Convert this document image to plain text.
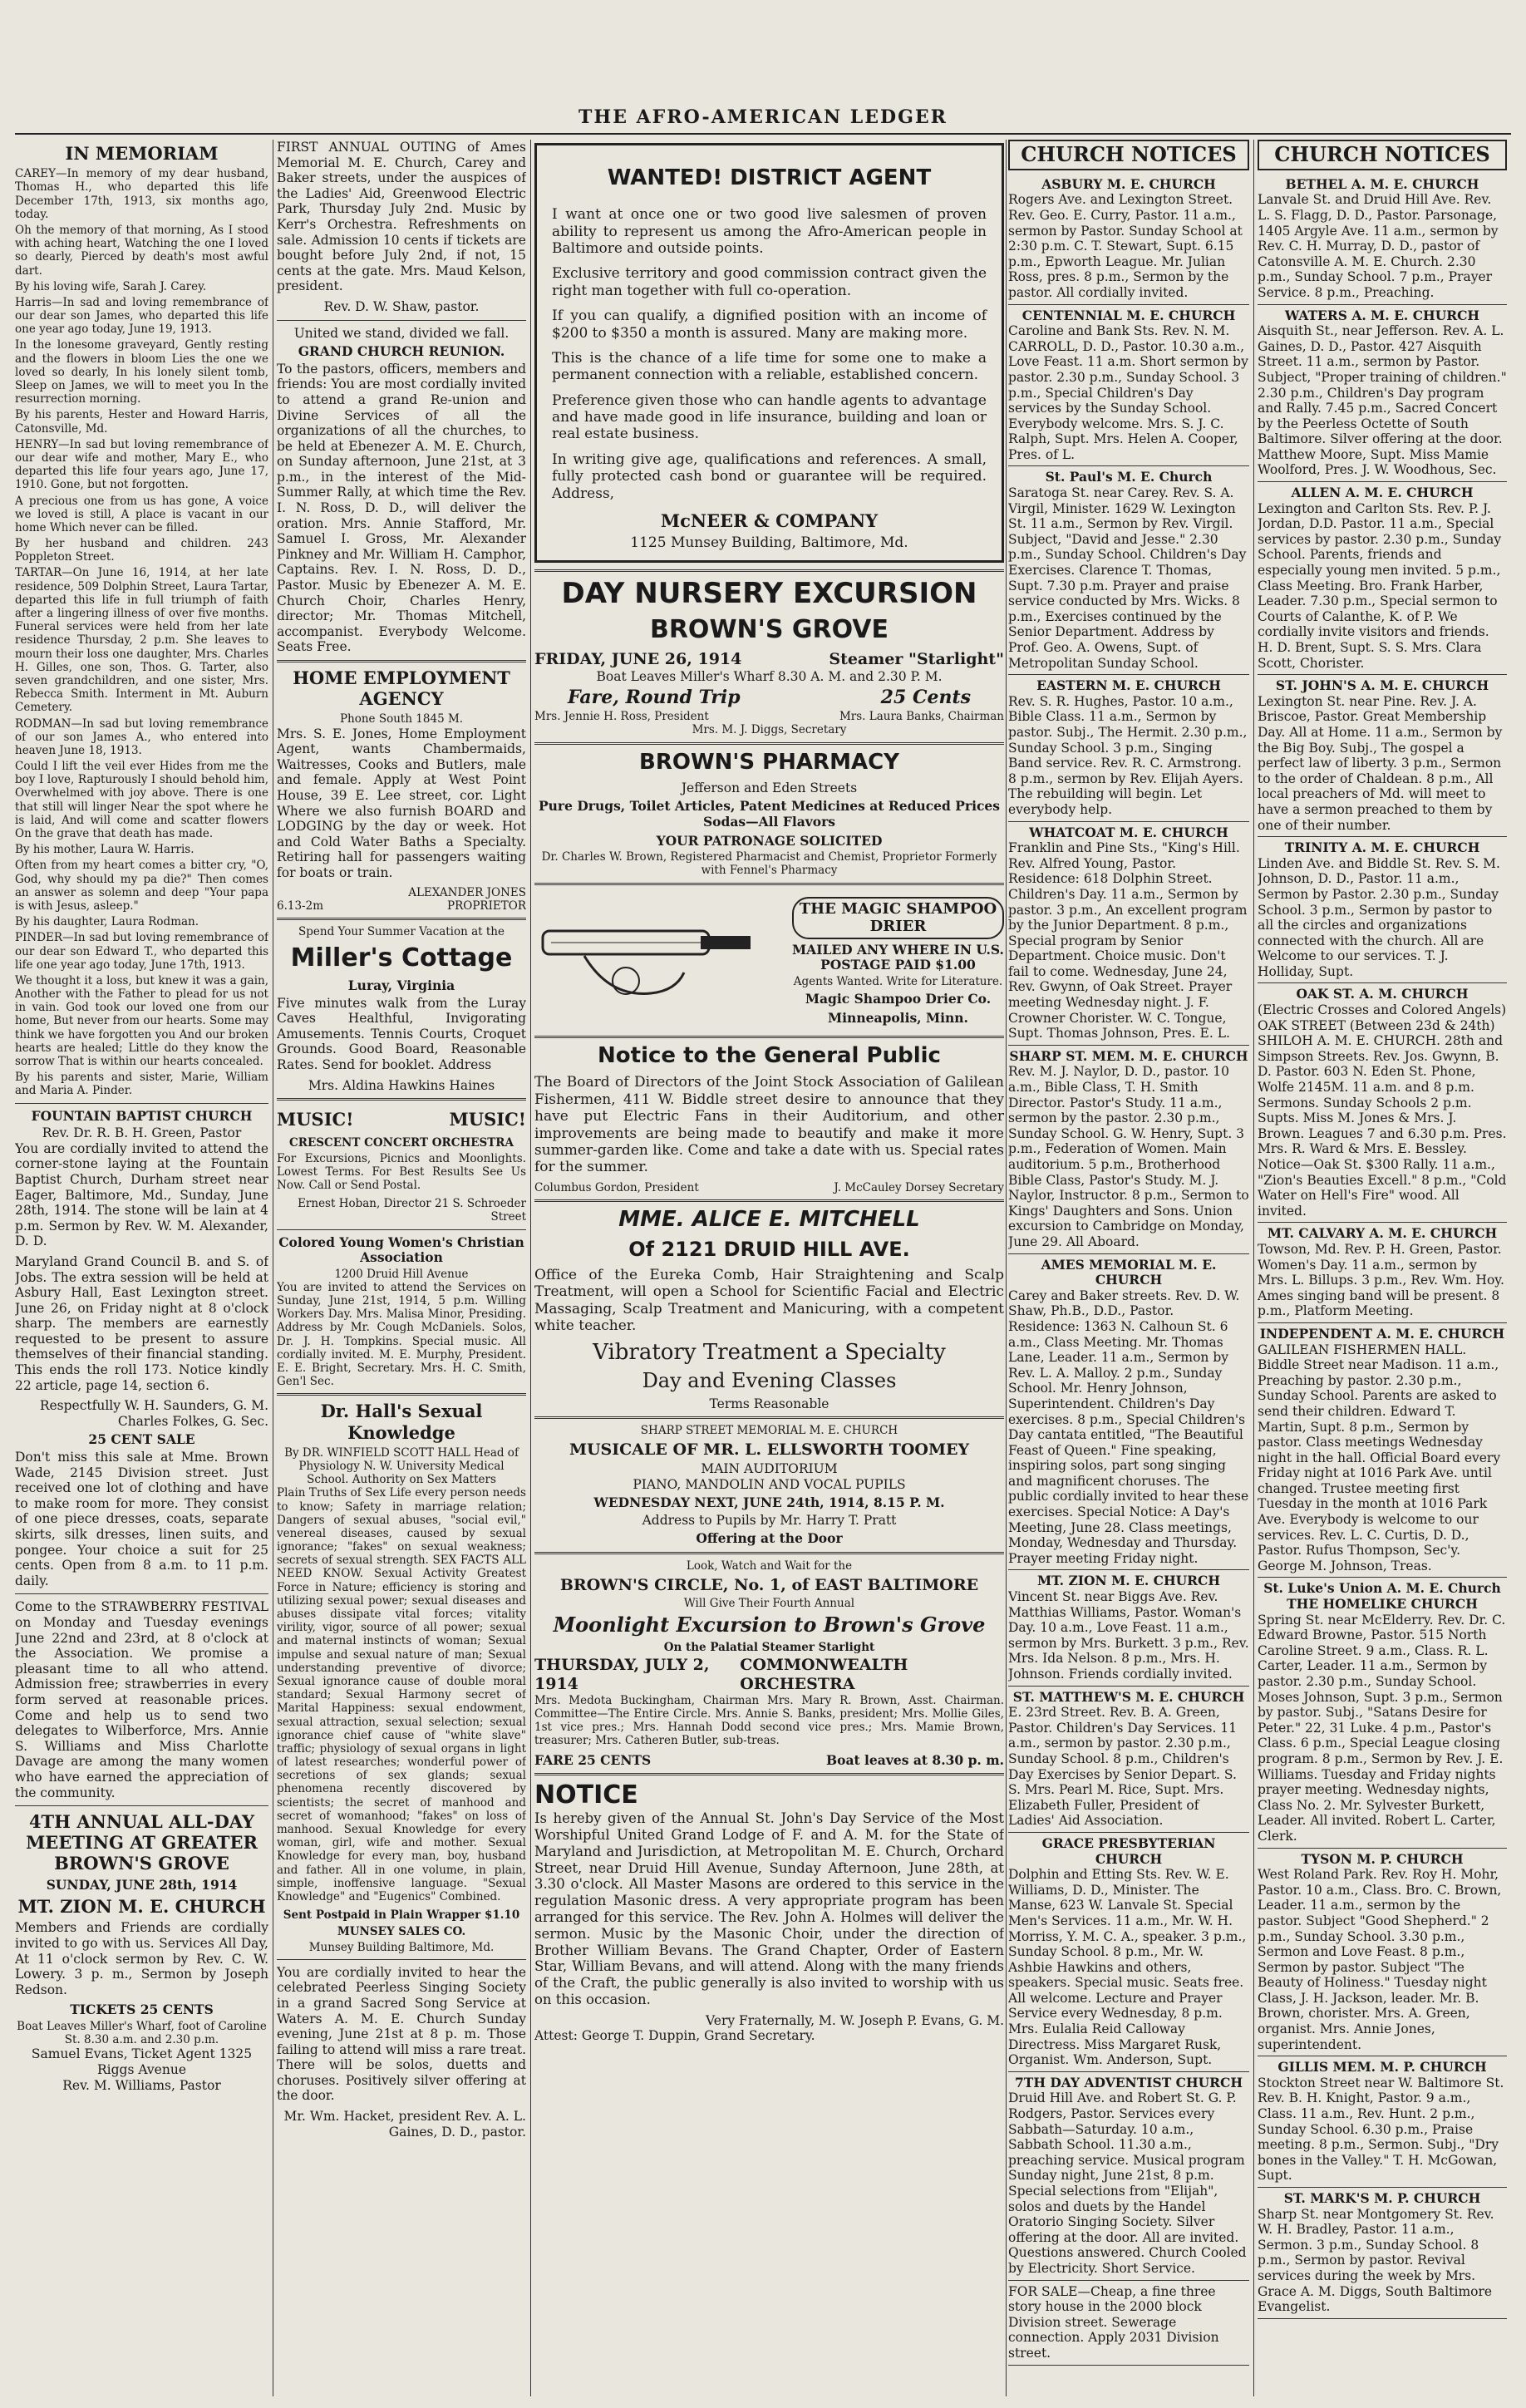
THE AFRO-AMERICAN LEDGER
IN MEMORIAM

CAREY—In memory of my dear husband, Thomas H., who departed this life December 17th, 1913, six months ago, today.

Oh the memory of that morning, As I stood with aching heart, Watching the one I loved so dearly, Pierced by death's most awful dart.

By his loving wife, Sarah J. Carey.

Harris—In sad and loving remembrance of our dear son James, who departed this life one year ago today, June 19, 1913.

In the lonesome graveyard, Gently resting and the flowers in bloom Lies the one we loved so dearly, In his lonely silent tomb, Sleep on James, we will to meet you In the resurrection morning.

By his parents, Hester and Howard Harris, Catonsville, Md.

HENRY—In sad but loving remembrance of our dear wife and mother, Mary E., who departed this life four years ago, June 17, 1910. Gone, but not forgotten.

A precious one from us has gone, A voice we loved is still, A place is vacant in our home Which never can be filled.

By her husband and children. 243 Poppleton Street.

TARTAR—On June 16, 1914, at her late residence, 509 Dolphin Street, Laura Tartar, departed this life in full triumph of faith after a lingering illness of over five months. Funeral services were held from her late residence Thursday, 2 p.m. She leaves to mourn their loss one daughter, Mrs. Charles H. Gilles, one son, Thos. G. Tarter, also seven grandchildren, and one sister, Mrs. Rebecca Smith. Interment in Mt. Auburn Cemetery.

RODMAN—In sad but loving remembrance of our son James A., who entered into heaven June 18, 1913.

Could I lift the veil ever Hides from me the boy I love, Rapturously I should behold him, Overwhelmed with joy above. There is one that still will linger Near the spot where he is laid, And will come and scatter flowers On the grave that death has made.

By his mother, Laura W. Harris.

Often from my heart comes a bitter cry, "O, God, why should my pa die?" Then comes an answer as solemn and deep "Your papa is with Jesus, asleep."

By his daughter, Laura Rodman.

PINDER—In sad but loving remembrance of our dear son Edward T., who departed this life one year ago today, June 17th, 1913.

We thought it a loss, but knew it was a gain, Another with the Father to plead for us not in vain. God took our loved one from our home, But never from our hearts. Some may think we have forgotten you And our broken hearts are healed; Little do they know the sorrow That is within our hearts concealed.

By his parents and sister, Marie, William and Maria A. Pinder.

FOUNTAIN BAPTIST CHURCH
Rev. Dr. R. B. H. Green, Pastor

You are cordially invited to attend the corner-stone laying at the Fountain Baptist Church, Durham street near Eager, Baltimore, Md., Sunday, June 28th, 1914. The stone will be lain at 4 p.m. Sermon by Rev. W. M. Alexander, D. D.

Maryland Grand Council B. and S. of Jobs. The extra session will be held at Asbury Hall, East Lexington street. June 26, on Friday night at 8 o'clock sharp. The members are earnestly requested to be present to assure themselves of their financial standing. This ends the roll 173. Notice kindly 22 article, page 14, section 6.

Respectfully W. H. Saunders, G. M. Charles Folkes, G. Sec.
25 CENT SALE

Don't miss this sale at Mme. Brown Wade, 2145 Division street. Just received one lot of clothing and have to make room for more. They consist of one piece dresses, coats, separate skirts, silk dresses, linen suits, and pongee. Your choice a suit for 25 cents. Open from 8 a.m. to 11 p.m. daily.

Come to the STRAWBERRY FESTIVAL on Monday and Tuesday evenings June 22nd and 23rd, at 8 o'clock at the Association. We promise a pleasant time to all who attend. Admission free; strawberries in every form served at reasonable prices. Come and help us to send two delegates to Wilberforce, Mrs. Annie S. Williams and Miss Charlotte Davage are among the many women who have earned the appreciation of the community.

4TH ANNUAL ALL-DAY MEETING AT GREATER BROWN'S GROVE
SUNDAY, JUNE 28th, 1914
MT. ZION M. E. CHURCH

Members and Friends are cordially invited to go with us. Services All Day, At 11 o'clock sermon by Rev. C. W. Lowery. 3 p. m., Sermon by Joseph Redson.

TICKETS 25 CENTS
Boat Leaves Miller's Wharf, foot of Caroline St. 8.30 a.m. and 2.30 p.m.
Samuel Evans, Ticket Agent 1325 Riggs Avenue
Rev. M. Williams, Pastor

FIRST ANNUAL OUTING of Ames Memorial M. E. Church, Carey and Baker streets, under the auspices of the Ladies' Aid, Greenwood Electric Park, Thursday July 2nd. Music by Kerr's Orchestra. Refreshments on sale. Admission 10 cents if tickets are bought before July 2nd, if not, 15 cents at the gate. Mrs. Maud Kelson, president.

Rev. D. W. Shaw, pastor.
United we stand, divided we fall.
GRAND CHURCH REUNION.

To the pastors, officers, members and friends: You are most cordially invited to attend a grand Re-union and Divine Services of all the organizations of all the churches, to be held at Ebenezer A. M. E. Church, on Sunday afternoon, June 21st, at 3 p.m., in the interest of the Mid-Summer Rally, at which time the Rev. I. N. Ross, D. D., will deliver the oration. Mrs. Annie Stafford, Mr. Samuel I. Gross, Mr. Alexander Pinkney and Mr. William H. Camphor, Captains. Rev. I. N. Ross, D. D., Pastor. Music by Ebenezer A. M. E. Church Choir, Charles Henry, director; Mr. Thomas Mitchell, accompanist. Everybody Welcome. Seats Free.

HOME EMPLOYMENT AGENCY
Phone South 1845 M.

Mrs. S. E. Jones, Home Employment Agent, wants Chambermaids, Waitresses, Cooks and Butlers, male and female. Apply at West Point House, 39 E. Lee street, cor. Light Where we also furnish BOARD and LODGING by the day or week. Hot and Cold Water Baths a Specialty. Retiring hall for passengers waiting for boats or train.

ALEXANDER JONES
6.13-2m	PROPRIETOR
Spend Your Summer Vacation at the
Miller's Cottage
Luray, Virginia

Five minutes walk from the Luray Caves Healthful, Invigorating Amusements. Tennis Courts, Croquet Grounds. Good Board, Reasonable Rates. Send for booklet. Address

Mrs. Aldina Hawkins Haines
MUSIC!	MUSIC!
CRESCENT CONCERT ORCHESTRA

For Excursions, Picnics and Moonlights. Lowest Terms. For Best Results See Us Now. Call or Send Postal.

Ernest Hoban, Director 21 S. Schroeder Street
Colored Young Women's Christian Association
1200 Druid Hill Avenue

You are invited to attend the Services on Sunday, June 21st, 1914, 5 p.m. Willing Workers Day. Mrs. Malisa Minor, Presiding. Address by Mr. Cough McDaniels. Solos, Dr. J. H. Tompkins. Special music. All cordially invited. M. E. Murphy, President. E. E. Bright, Secretary. Mrs. H. C. Smith, Gen'l Sec.

Dr. Hall's Sexual Knowledge
By DR. WINFIELD SCOTT HALL Head of Physiology N. W. University Medical School. Authority on Sex Matters

Plain Truths of Sex Life every person needs to know; Safety in marriage relation; Dangers of sexual abuses, "social evil," venereal diseases, caused by sexual ignorance; "fakes" on sexual weakness; secrets of sexual strength. SEX FACTS ALL NEED KNOW. Sexual Activity Greatest Force in Nature; efficiency is storing and utilizing sexual power; sexual diseases and abuses dissipate vital forces; vitality virility, vigor, source of all power; sexual and maternal instincts of woman; Sexual impulse and sexual nature of man; Sexual understanding preventive of divorce; Sexual ignorance cause of double moral standard; Sexual Harmony secret of Marital Happiness: sexual endowment, sexual attraction, sexual selection; sexual ignorance chief cause of "white slave" traffic; physiology of sexual organs in light of latest researches; wonderful power of secretions of sex glands; sexual phenomena recently discovered by scientists; the secret of manhood and secret of womanhood; "fakes" on loss of manhood. Sexual Knowledge for every woman, girl, wife and mother. Sexual Knowledge for every man, boy, husband and father. All in one volume, in plain, simple, inoffensive language. "Sexual Knowledge" and "Eugenics" Combined.

Sent Postpaid in Plain Wrapper $1.10
MUNSEY SALES CO.
Munsey Building Baltimore, Md.

You are cordially invited to hear the celebrated Peerless Singing Society in a grand Sacred Song Service at Waters A. M. E. Church Sunday evening, June 21st at 8 p. m. Those failing to attend will miss a rare treat. There will be solos, duetts and choruses. Positively silver offering at the door.

Mr. Wm. Hacket, president Rev. A. L. Gaines, D. D., pastor.
WANTED! DISTRICT AGENT

I want at once one or two good live salesmen of proven ability to represent us among the Afro-American people in Baltimore and outside points.

Exclusive territory and good commission contract given the right man together with full co-operation.

If you can qualify, a dignified position with an income of $200 to $350 a month is assured. Many are making more.

This is the chance of a life time for some one to make a permanent connection with a reliable, established concern.

Preference given those who can handle agents to advantage and have made good in life insurance, building and loan or real estate business.

In writing give age, qualifications and references. A small, fully protected cash bond or guarantee will be required. Address,

McNEER & COMPANY
1125 Munsey Building, Baltimore, Md.
DAY NURSERY EXCURSION
BROWN'S GROVE
FRIDAY, JUNE 26, 1914	Steamer "Starlight"
Boat Leaves Miller's Wharf 8.30 A. M. and 2.30 P. M.
Fare, Round Trip	25 Cents
Mrs. Jennie H. Ross, President	Mrs. Laura Banks, Chairman
Mrs. M. J. Diggs, Secretary
BROWN'S PHARMACY
Jefferson and Eden Streets
Pure Drugs, Toilet Articles, Patent Medicines at Reduced Prices Sodas—All Flavors
YOUR PATRONAGE SOLICITED
Dr. Charles W. Brown, Registered Pharmacist and Chemist, Proprietor Formerly with Fennel's Pharmacy
THE MAGIC SHAMPOO DRIER
MAILED ANY WHERE IN U.S. POSTAGE PAID $1.00
Agents Wanted. Write for Literature.
Magic Shampoo Drier Co.
Minneapolis, Minn.
Notice to the General Public

The Board of Directors of the Joint Stock Association of Galilean Fishermen, 411 W. Biddle street desire to announce that they have put Electric Fans in their Auditorium, and other improvements are being made to beautify and make it more summer-garden like. Come and take a date with us. Special rates for the summer.

Columbus Gordon, President	J. McCauley Dorsey Secretary
MME. ALICE E. MITCHELL
Of 2121 DRUID HILL AVE.

Office of the Eureka Comb, Hair Straightening and Scalp Treatment, will open a School for Scientific Facial and Electric Massaging, Scalp Treatment and Manicuring, with a competent white teacher.

Vibratory Treatment a Specialty
Day and Evening Classes
Terms Reasonable
SHARP STREET MEMORIAL M. E. CHURCH
MUSICALE OF MR. L. ELLSWORTH TOOMEY
MAIN AUDITORIUM
PIANO, MANDOLIN AND VOCAL PUPILS
WEDNESDAY NEXT, JUNE 24th, 1914, 8.15 P. M.
Address to Pupils by Mr. Harry T. Pratt
Offering at the Door
Look, Watch and Wait for the
BROWN'S CIRCLE, No. 1, of EAST BALTIMORE
Will Give Their Fourth Annual
Moonlight Excursion to Brown's Grove
On the Palatial Steamer Starlight
THURSDAY, JULY 2, 1914
COMMONWEALTH ORCHESTRA

Mrs. Medota Buckingham, Chairman Mrs. Mary R. Brown, Asst. Chairman. Committee—The Entire Circle. Mrs. Annie S. Banks, president; Mrs. Mollie Giles, 1st vice pres.; Mrs. Hannah Dodd second vice pres.; Mrs. Mamie Brown, treasurer; Mrs. Catheren Butler, sub-treas.

FARE 25 CENTS	Boat leaves at 8.30 p. m.
NOTICE

Is hereby given of the Annual St. John's Day Service of the Most Worshipful United Grand Lodge of F. and A. M. for the State of Maryland and Jurisdiction, at Metropolitan M. E. Church, Orchard Street, near Druid Hill Avenue, Sunday Afternoon, June 28th, at 3.30 o'clock. All Master Masons are ordered to this service in the regulation Masonic dress. A very appropriate program has been arranged for this service. The Rev. John A. Holmes will deliver the sermon. Music by the Masonic Choir, under the direction of Brother William Bevans. The Grand Chapter, Order of Eastern Star, William Bevans, and will attend. Along with the many friends of the Craft, the public generally is also invited to worship with us on this occasion.

Very Fraternally, M. W. Joseph P. Evans, G. M.
Attest: George T. Duppin, Grand Secretary.
CHURCH NOTICES
ASBURY M. E. CHURCH

Rogers Ave. and Lexington Street. Rev. Geo. E. Curry, Pastor. 11 a.m., sermon by Pastor. Sunday School at 2:30 p.m. C. T. Stewart, Supt. 6.15 p.m., Epworth League. Mr. Julian Ross, pres. 8 p.m., Sermon by the pastor. All cordially invited.

CENTENNIAL M. E. CHURCH

Caroline and Bank Sts. Rev. N. M. CARROLL, D. D., Pastor. 10.30 a.m., Love Feast. 11 a.m. Short sermon by pastor. 2.30 p.m., Sunday School. 3 p.m., Special Children's Day services by the Sunday School. Everybody welcome. Mrs. S. J. C. Ralph, Supt. Mrs. Helen A. Cooper, Pres. of L.

St. Paul's M. E. Church

Saratoga St. near Carey. Rev. S. A. Virgil, Minister. 1629 W. Lexington St. 11 a.m., Sermon by Rev. Virgil. Subject, "David and Jesse." 2.30 p.m., Sunday School. Children's Day Exercises. Clarence T. Thomas, Supt. 7.30 p.m. Prayer and praise service conducted by Mrs. Wicks. 8 p.m., Exercises continued by the Senior Department. Address by Prof. Geo. A. Owens, Supt. of Metropolitan Sunday School.

EASTERN M. E. CHURCH

Rev. S. R. Hughes, Pastor. 10 a.m., Bible Class. 11 a.m., Sermon by pastor. Subj., The Hermit. 2.30 p.m., Sunday School. 3 p.m., Singing Band service. Rev. R. C. Armstrong. 8 p.m., sermon by Rev. Elijah Ayers. The rebuilding will begin. Let everybody help.

WHATCOAT M. E. CHURCH

Franklin and Pine Sts., "King's Hill. Rev. Alfred Young, Pastor. Residence: 618 Dolphin Street. Children's Day. 11 a.m., Sermon by pastor. 3 p.m., An excellent program by the Junior Department. 8 p.m., Special program by Senior Department. Choice music. Don't fail to come. Wednesday, June 24, Rev. Gwynn, of Oak Street. Prayer meeting Wednesday night. J. F. Crowner Chorister. W. C. Tongue, Supt. Thomas Johnson, Pres. E. L.

SHARP ST. MEM. M. E. CHURCH

Rev. M. J. Naylor, D. D., pastor. 10 a.m., Bible Class, T. H. Smith Director. Pastor's Study. 11 a.m., sermon by the pastor. 2.30 p.m., Sunday School. G. W. Henry, Supt. 3 p.m., Federation of Women. Main auditorium. 5 p.m., Brotherhood Bible Class, Pastor's Study. M. J. Naylor, Instructor. 8 p.m., Sermon to Kings' Daughters and Sons. Union excursion to Cambridge on Monday, June 29. All Aboard.

AMES MEMORIAL M. E. CHURCH

Carey and Baker streets. Rev. D. W. Shaw, Ph.B., D.D., Pastor. Residence: 1363 N. Calhoun St. 6 a.m., Class Meeting. Mr. Thomas Lane, Leader. 11 a.m., Sermon by Rev. L. A. Malloy. 2 p.m., Sunday School. Mr. Henry Johnson, Superintendent. Children's Day exercises. 8 p.m., Special Children's Day cantata entitled, "The Beautiful Feast of Queen." Fine speaking, inspiring solos, part song singing and magnificent choruses. The public cordially invited to hear these exercises. Special Notice: A Day's Meeting, June 28. Class meetings, Monday, Wednesday and Thursday. Prayer meeting Friday night.

MT. ZION M. E. CHURCH

Vincent St. near Biggs Ave. Rev. Matthias Williams, Pastor. Woman's Day. 10 a.m., Love Feast. 11 a.m., sermon by Mrs. Burkett. 3 p.m., Rev. Mrs. Ida Nelson. 8 p.m., Mrs. H. Johnson. Friends cordially invited.

ST. MATTHEW'S M. E. CHURCH

E. 23rd Street. Rev. B. A. Green, Pastor. Children's Day Services. 11 a.m., sermon by pastor. 2.30 p.m., Sunday School. 8 p.m., Children's Day Exercises by Senior Depart. S. S. Mrs. Pearl M. Rice, Supt. Mrs. Elizabeth Fuller, President of Ladies' Aid Association.

GRACE PRESBYTERIAN CHURCH

Dolphin and Etting Sts. Rev. W. E. Williams, D. D., Minister. The Manse, 623 W. Lanvale St. Special Men's Services. 11 a.m., Mr. W. H. Morriss, Y. M. C. A., speaker. 3 p.m., Sunday School. 8 p.m., Mr. W. Ashbie Hawkins and others, speakers. Special music. Seats free. All welcome. Lecture and Prayer Service every Wednesday, 8 p.m. Mrs. Eulalia Reid Calloway Directress. Miss Margaret Rusk, Organist. Wm. Anderson, Supt.

7TH DAY ADVENTIST CHURCH

Druid Hill Ave. and Robert St. G. P. Rodgers, Pastor. Services every Sabbath—Saturday. 10 a.m., Sabbath School. 11.30 a.m., preaching service. Musical program Sunday night, June 21st, 8 p.m. Special selections from "Elijah", solos and duets by the Handel Oratorio Singing Society. Silver offering at the door. All are invited. Questions answered. Church Cooled by Electricity. Short Service.

FOR SALE—Cheap, a fine three story house in the 2000 block Division street. Sewerage connection. Apply 2031 Division street.

CHURCH NOTICES
BETHEL A. M. E. CHURCH

Lanvale St. and Druid Hill Ave. Rev. L. S. Flagg, D. D., Pastor. Parsonage, 1405 Argyle Ave. 11 a.m., sermon by Rev. C. H. Murray, D. D., pastor of Catonsville A. M. E. Church. 2.30 p.m., Sunday School. 7 p.m., Prayer Service. 8 p.m., Preaching.

WATERS A. M. E. CHURCH

Aisquith St., near Jefferson. Rev. A. L. Gaines, D. D., Pastor. 427 Aisquith Street. 11 a.m., sermon by Pastor. Subject, "Proper training of children." 2.30 p.m., Children's Day program and Rally. 7.45 p.m., Sacred Concert by the Peerless Octette of South Baltimore. Silver offering at the door. Matthew Moore, Supt. Miss Mamie Woolford, Pres. J. W. Woodhous, Sec.

ALLEN A. M. E. CHURCH

Lexington and Carlton Sts. Rev. P. J. Jordan, D.D. Pastor. 11 a.m., Special services by pastor. 2.30 p.m., Sunday School. Parents, friends and especially young men invited. 5 p.m., Class Meeting. Bro. Frank Harber, Leader. 7.30 p.m., Special sermon to Courts of Calanthe, K. of P. We cordially invite visitors and friends. H. D. Brent, Supt. S. S. Mrs. Clara Scott, Chorister.

ST. JOHN'S A. M. E. CHURCH

Lexington St. near Pine. Rev. J. A. Briscoe, Pastor. Great Membership Day. All at Home. 11 a.m., Sermon by the Big Boy. Subj., The gospel a perfect law of liberty. 3 p.m., Sermon to the order of Chaldean. 8 p.m., All local preachers of Md. will meet to have a sermon preached to them by one of their number.

TRINITY A. M. E. CHURCH

Linden Ave. and Biddle St. Rev. S. M. Johnson, D. D., Pastor. 11 a.m., Sermon by Pastor. 2.30 p.m., Sunday School. 3 p.m., Sermon by pastor to all the circles and organizations connected with the church. All are Welcome to our services. T. J. Holliday, Supt.

OAK ST. A. M. CHURCH

(Electric Crosses and Colored Angels) OAK STREET (Between 23d & 24th) SHILOH A. M. E. CHURCH. 28th and Simpson Streets. Rev. Jos. Gwynn, B. D. Pastor. 603 N. Eden St. Phone, Wolfe 2145M. 11 a.m. and 8 p.m. Sermons. Sunday Schools 2 p.m. Supts. Miss M. Jones & Mrs. J. Brown. Leagues 7 and 6.30 p.m. Pres. Mrs. R. Ward & Mrs. E. Bessley. Notice—Oak St. $300 Rally. 11 a.m., "Zion's Beauties Excell." 8 p.m., "Cold Water on Hell's Fire" wood. All invited.

MT. CALVARY A. M. E. CHURCH

Towson, Md. Rev. P. H. Green, Pastor. Women's Day. 11 a.m., sermon by Mrs. L. Billups. 3 p.m., Rev. Wm. Hoy. Ames singing band will be present. 8 p.m., Platform Meeting.

INDEPENDENT A. M. E. CHURCH

GALILEAN FISHERMEN HALL. Biddle Street near Madison. 11 a.m., Preaching by pastor. 2.30 p.m., Sunday School. Parents are asked to send their children. Edward T. Martin, Supt. 8 p.m., Sermon by pastor. Class meetings Wednesday night in the hall. Official Board every Friday night at 1016 Park Ave. until changed. Trustee meeting first Tuesday in the month at 1016 Park Ave. Everybody is welcome to our services. Rev. L. C. Curtis, D. D., Pastor. Rufus Thompson, Sec'y. George M. Johnson, Treas.

St. Luke's Union A. M. E. Church THE HOMELIKE CHURCH

Spring St. near McElderry. Rev. Dr. C. Edward Browne, Pastor. 515 North Caroline Street. 9 a.m., Class. R. L. Carter, Leader. 11 a.m., Sermon by pastor. 2.30 p.m., Sunday School. Moses Johnson, Supt. 3 p.m., Sermon by pastor. Subj., "Satans Desire for Peter." 22, 31 Luke. 4 p.m., Pastor's Class. 6 p.m., Special League closing program. 8 p.m., Sermon by Rev. J. E. Williams. Tuesday and Friday nights prayer meeting. Wednesday nights, Class No. 2. Mr. Sylvester Burkett, Leader. All invited. Robert L. Carter, Clerk.

TYSON M. P. CHURCH

West Roland Park. Rev. Roy H. Mohr, Pastor. 10 a.m., Class. Bro. C. Brown, Leader. 11 a.m., sermon by the pastor. Subject "Good Shepherd." 2 p.m., Sunday School. 3.30 p.m., Sermon and Love Feast. 8 p.m., Sermon by pastor. Subject "The Beauty of Holiness." Tuesday night Class, J. H. Jackson, leader. Mr. B. Brown, chorister. Mrs. A. Green, organist. Mrs. Annie Jones, superintendent.

GILLIS MEM. M. P. CHURCH

Stockton Street near W. Baltimore St. Rev. B. H. Knight, Pastor. 9 a.m., Class. 11 a.m., Rev. Hunt. 2 p.m., Sunday School. 6.30 p.m., Praise meeting. 8 p.m., Sermon. Subj., "Dry bones in the Valley." T. H. McGowan, Supt.

ST. MARK'S M. P. CHURCH

Sharp St. near Montgomery St. Rev. W. H. Bradley, Pastor. 11 a.m., Sermon. 3 p.m., Sunday School. 8 p.m., Sermon by pastor. Revival services during the week by Mrs. Grace A. M. Diggs, South Baltimore Evangelist.
